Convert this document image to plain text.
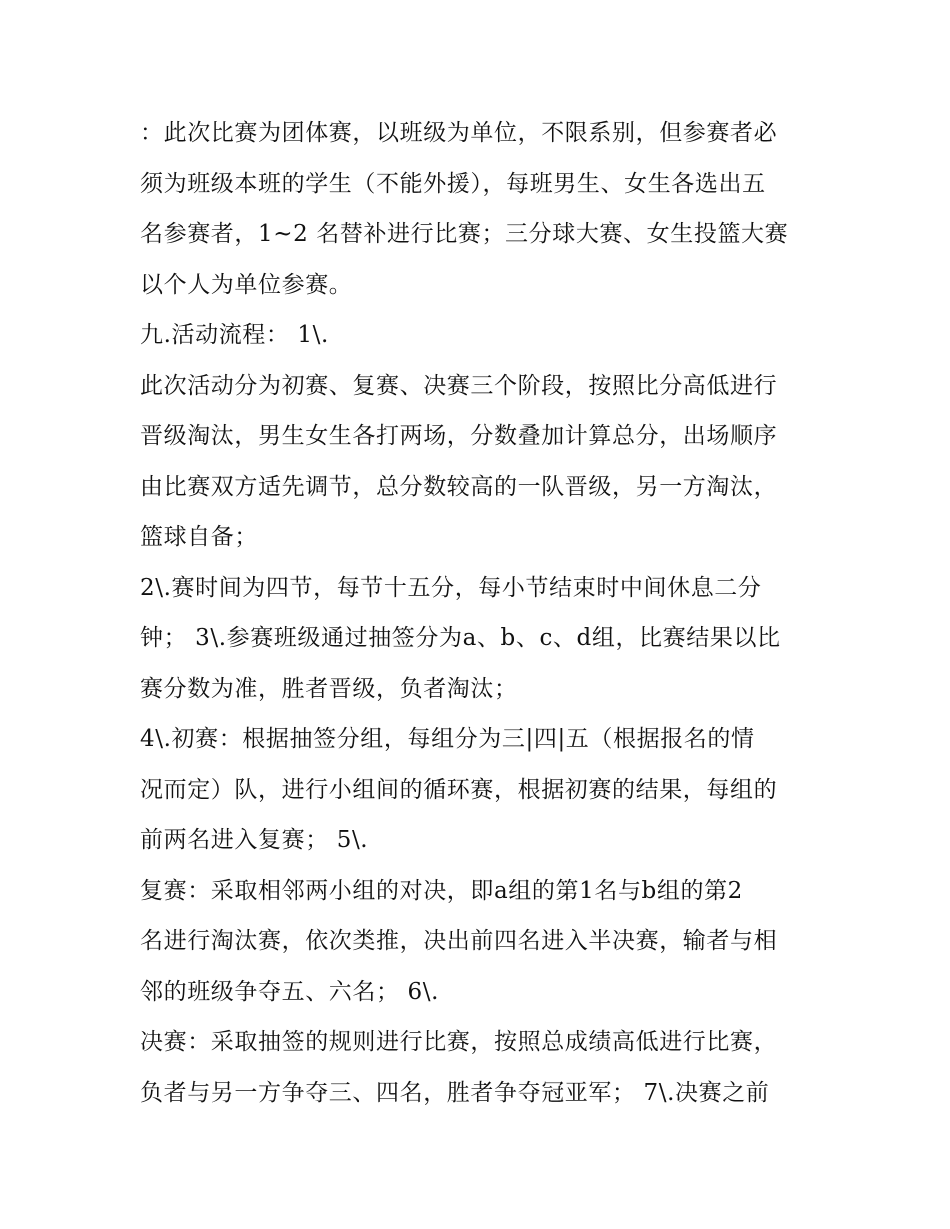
：此次比赛为团体赛，以班级为单位，不限系别，但参赛者必
须为班级本班的学生（不能外援），每班男生、女生各选出五
名参赛者，1~2 名替补进行比赛；三分球大赛、女生投篮大赛
以个人为单位参赛。
九.活动流程： 1\.
此次活动分为初赛、复赛、决赛三个阶段，按照比分高低进行
晋级淘汰，男生女生各打两场，分数叠加计算总分，出场顺序
由比赛双方适先调节，总分数较高的一队晋级，另一方淘汰，
篮球自备；
2\.赛时间为四节，每节十五分，每小节结束时中间休息二分
钟； 3\.参赛班级通过抽签分为a、b、c、d组，比赛结果以比
赛分数为准，胜者晋级，负者淘汰；
4\.初赛：根据抽签分组，每组分为三|四|五（根据报名的情
况而定）队，进行小组间的循环赛，根据初赛的结果，每组的
前两名进入复赛； 5\.
复赛：采取相邻两小组的对决，即a组的第1名与b组的第2
名进行淘汰赛，依次类推，决出前四名进入半决赛，输者与相
邻的班级争夺五、六名； 6\.
决赛：采取抽签的规则进行比赛，按照总成绩高低进行比赛，
负者与另一方争夺三、四名，胜者争夺冠亚军； 7\.决赛之前
